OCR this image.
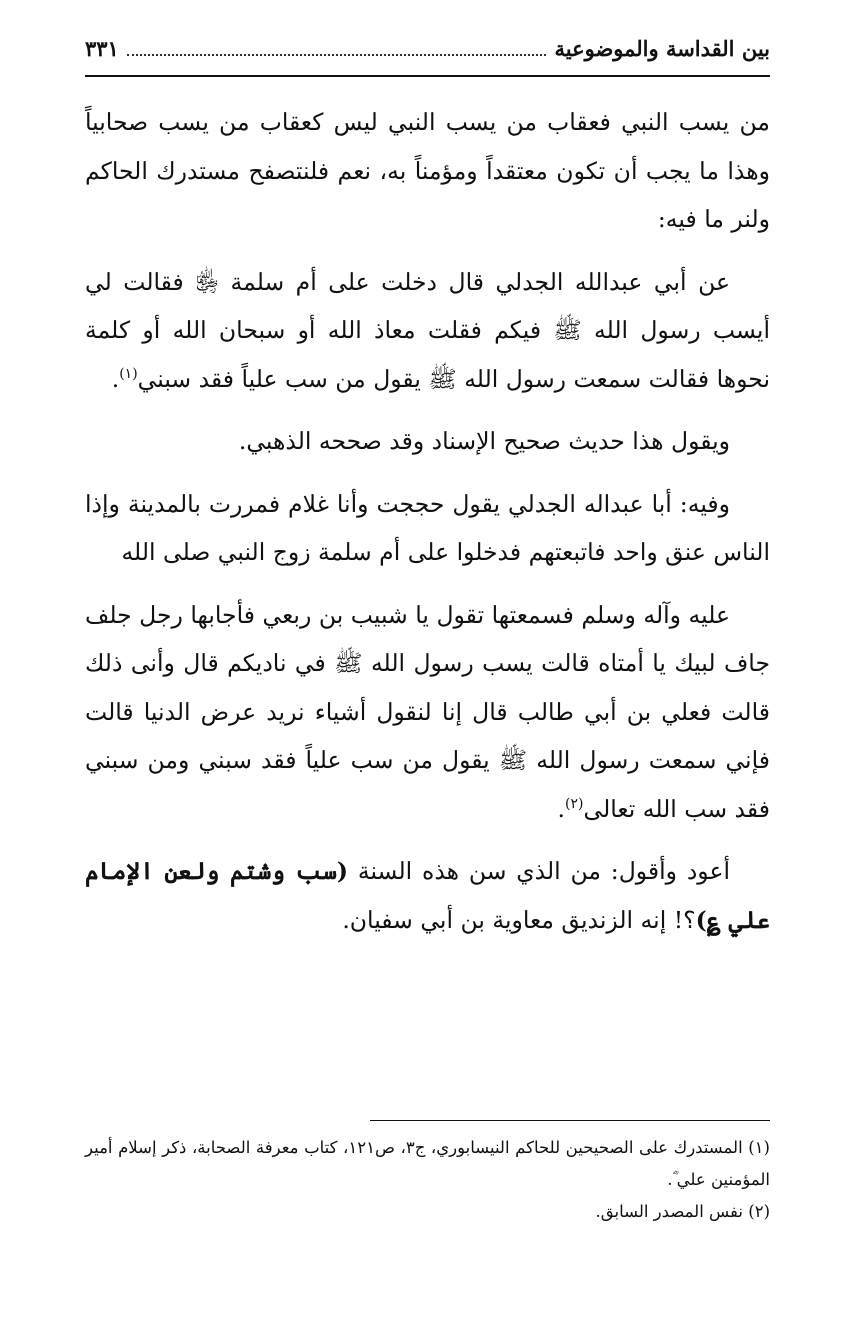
بين القداسة والموضوعية
٣٣١

من يسب النبي فعقاب من يسب النبي ليس كعقاب من يسب صحابياً وهذا ما يجب أن تكون معتقداً ومؤمناً به، نعم فلنتصفح مستدرك الحاكم ولنر ما فيه:

عن أبي عبدالله الجدلي قال دخلت على أم سلمة ﵂ فقالت لي أيسب رسول الله ﷺ فيكم فقلت معاذ الله أو سبحان الله أو كلمة نحوها فقالت سمعت رسول الله ﷺ يقول من سب علياً فقد سبني$^{(١)}$.

ويقول هذا حديث صحيح الإسناد وقد صححه الذهبي.

وفيه: أبا عبداله الجدلي يقول حججت وأنا غلام فمررت بالمدينة وإذا الناس عنق واحد فاتبعتهم فدخلوا على أم سلمة زوج النبي صلى الله

عليه وآله وسلم فسمعتها تقول يا شبيب بن ربعي فأجابها رجل جلف جاف لبيك يا أمتاه قالت يسب رسول الله ﷺ في ناديكم قال وأنى ذلك قالت فعلي بن أبي طالب قال إنا لنقول أشياء نريد عرض الدنيا قالت فإني سمعت رسول الله ﷺ يقول من سب علياً فقد سبني ومن سبني فقد سب الله تعالى$^{(٢)}$.

أعود وأقول: من الذي سن هذه السنة (سب وشتم ولعن الإمام علي ؏)؟! إنه الزنديق معاوية بن أبي سفيان.

(١) المستدرك على الصحيحين للحاكم النيسابوري، ج٣، ص١٢١، كتاب معرفة الصحابة، ذكر إسلام أمير المؤمنين علي ؓ.

(٢) نفس المصدر السابق.
